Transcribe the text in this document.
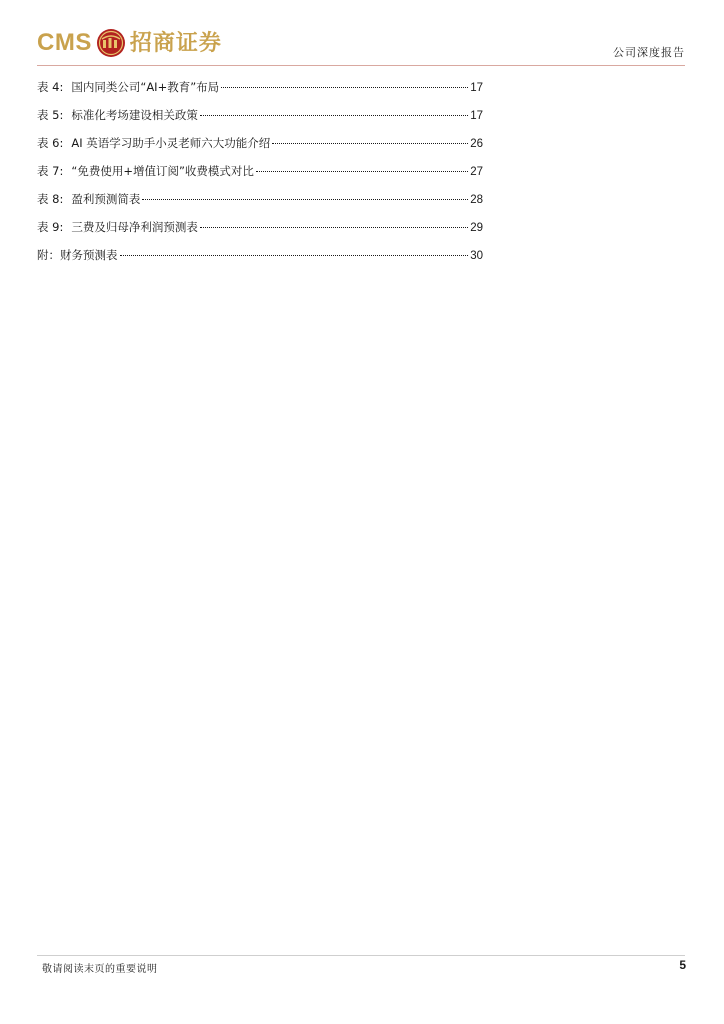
CMS 招商证券	公司深度报告
表 4: 国内同类公司“AI+教育”布局	17
表 5: 标准化考场建设相关政策	17
表 6: AI 英语学习助手小灵老师六大功能介绍	26
表 7: “免费使用+增值订阅”收费模式对比	27
表 8: 盈利预测简表	28
表 9: 三费及归母净利润预测表	29
附：财务预测表	30
敬请阅读末页的重要说明	5
